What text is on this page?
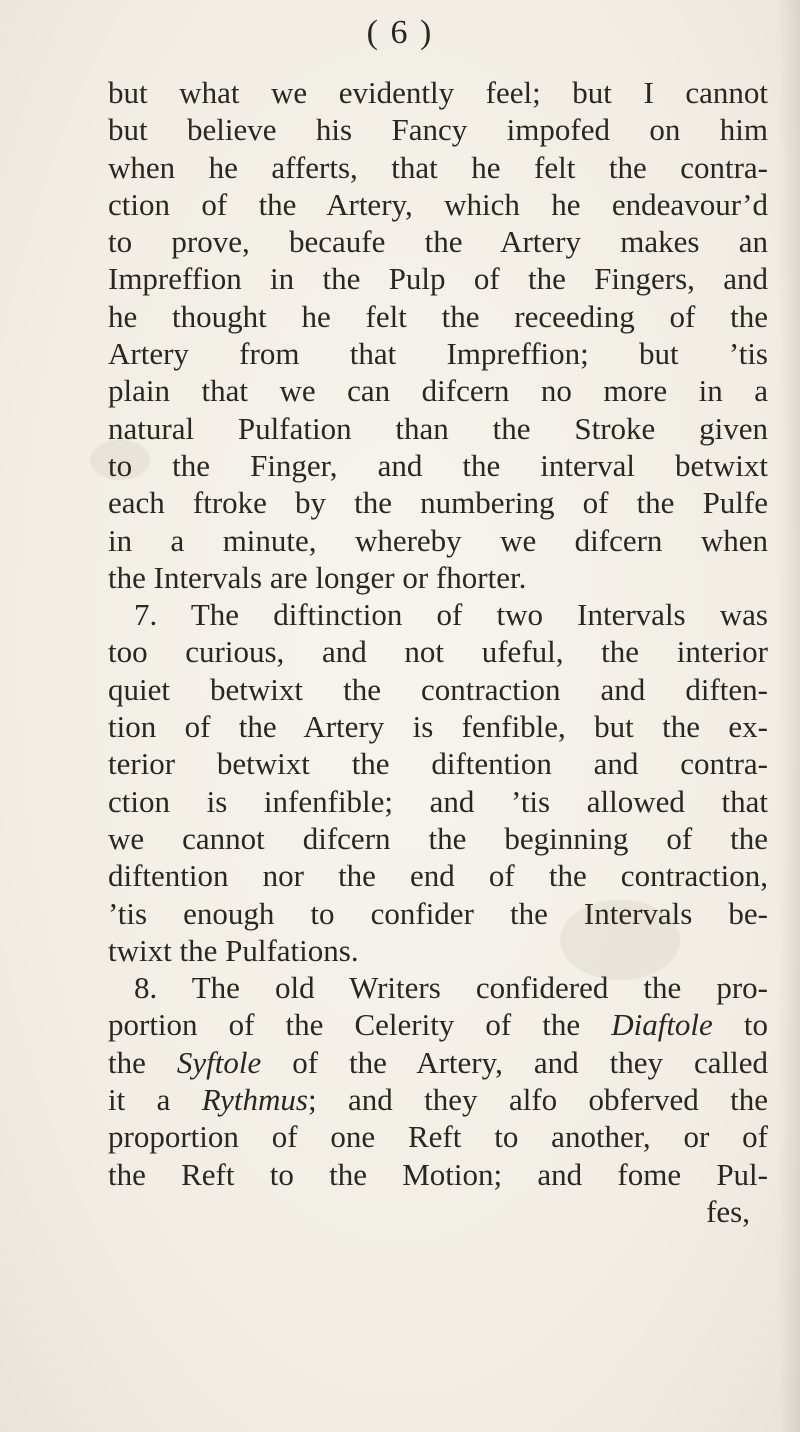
( 6 )
but what we evidently feel; but I cannot
but believe his Fancy impofed on him
when he afferts, that he felt the contra-
ction of the Artery, which he endeavour’d
to prove, becaufe the Artery makes an
Impreffion in the Pulp of the Fingers, and
he thought he felt the receeding of the
Artery from that Impreffion; but ’tis
plain that we can difcern no more in a
natural Pulfation than the Stroke given
to the Finger, and the interval betwixt
each ftroke by the numbering of the Pulfe
in a minute, whereby we difcern when
the Intervals are longer or fhorter.
7. The diftinction of two Intervals was
too curious, and not ufeful, the interior
quiet betwixt the contraction and diften-
tion of the Artery is fenfible, but the ex-
terior betwixt the diftention and contra-
ction is infenfible; and ’tis allowed that
we cannot difcern the beginning of the
diftention nor the end of the contraction,
’tis enough to confider the Intervals be-
twixt the Pulfations.
8. The old Writers confidered the pro-
portion of the Celerity of the Diaftole to
the Syftole of the Artery, and they called
it a Rythmus; and they alfo obferved the
proportion of one Reft to another, or of
the Reft to the Motion; and fome Pul-
fes,
